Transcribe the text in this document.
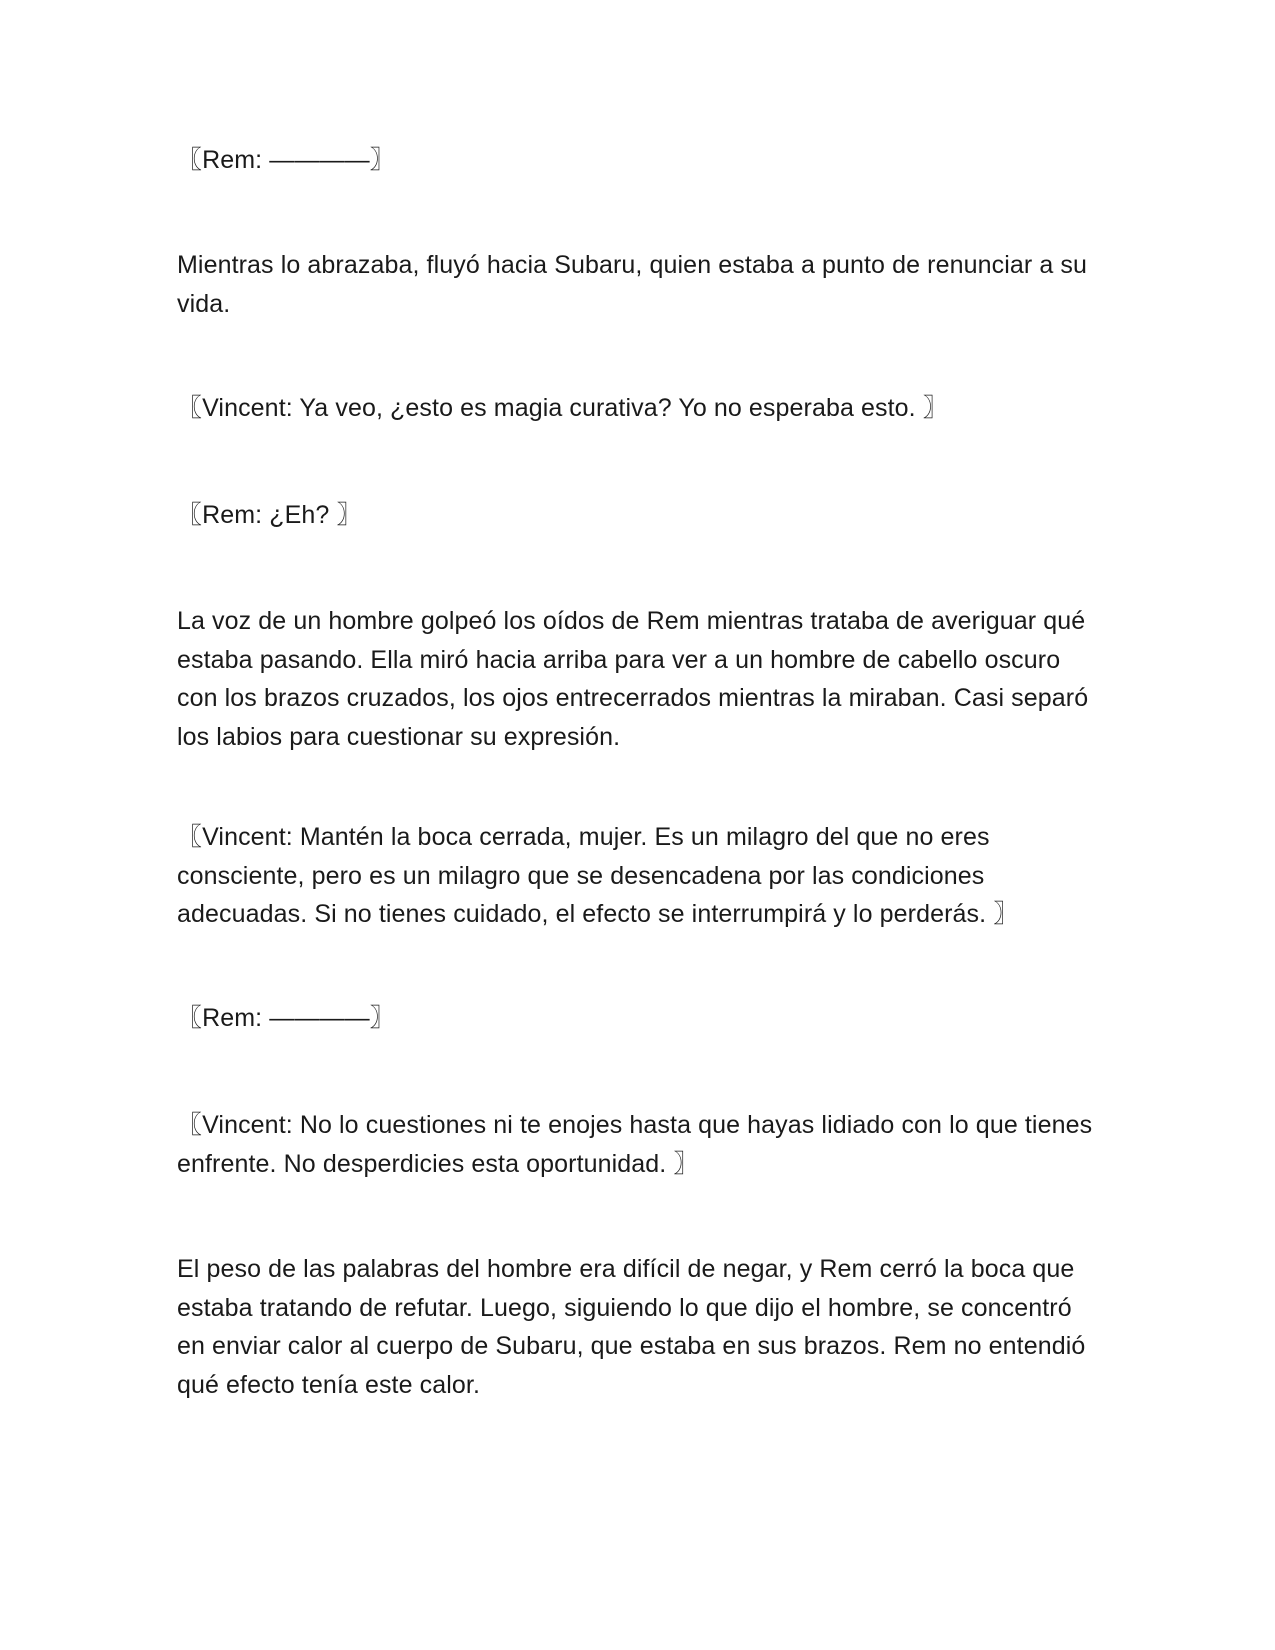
〖Rem: ————〗

Mientras lo abrazaba, fluyó hacia Subaru, quien estaba a punto de renunciar a su vida.

〖Vincent: Ya veo, ¿esto es magia curativa? Yo no esperaba esto. 〗

〖Rem: ¿Eh? 〗

La voz de un hombre golpeó los oídos de Rem mientras trataba de averiguar qué estaba pasando. Ella miró hacia arriba para ver a un hombre de cabello oscuro con los brazos cruzados, los ojos entrecerrados mientras la miraban. Casi separó los labios para cuestionar su expresión.

〖Vincent: Mantén la boca cerrada, mujer. Es un milagro del que no eres consciente, pero es un milagro que se desencadena por las condiciones adecuadas. Si no tienes cuidado, el efecto se interrumpirá y lo perderás. 〗

〖Rem: ————〗

〖Vincent: No lo cuestiones ni te enojes hasta que hayas lidiado con lo que tienes enfrente. No desperdicies esta oportunidad. 〗

El peso de las palabras del hombre era difícil de negar, y Rem cerró la boca que estaba tratando de refutar. Luego, siguiendo lo que dijo el hombre, se concentró en enviar calor al cuerpo de Subaru, que estaba en sus brazos. Rem no entendió qué efecto tenía este calor.
